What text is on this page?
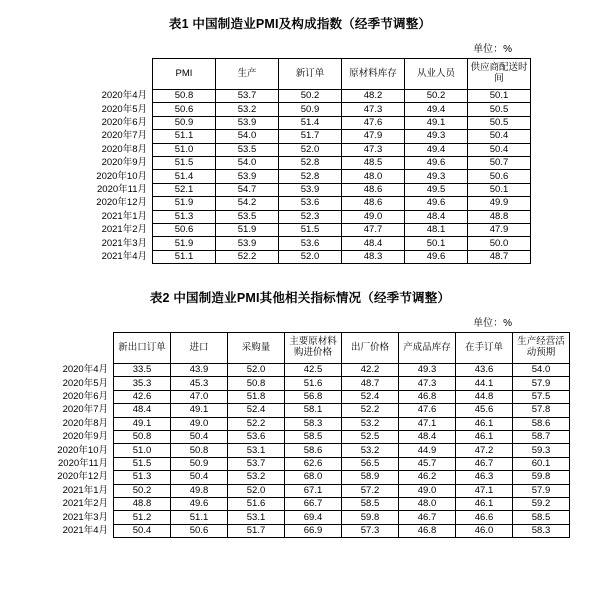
表1 中国制造业PMI及构成指数（经季节调整）
单位：%
	PMI	生产	新订单	原材料库存	从业人员	供应商配送时间
2020年4月	50.8	53.7	50.2	48.2	50.2	50.1
2020年5月	50.6	53.2	50.9	47.3	49.4	50.5
2020年6月	50.9	53.9	51.4	47.6	49.1	50.5
2020年7月	51.1	54.0	51.7	47.9	49.3	50.4
2020年8月	51.0	53.5	52.0	47.3	49.4	50.4
2020年9月	51.5	54.0	52.8	48.5	49.6	50.7
2020年10月	51.4	53.9	52.8	48.0	49.3	50.6
2020年11月	52.1	54.7	53.9	48.6	49.5	50.1
2020年12月	51.9	54.2	53.6	48.6	49.6	49.9
2021年1月	51.3	53.5	52.3	49.0	48.4	48.8
2021年2月	50.6	51.9	51.5	47.7	48.1	47.9
2021年3月	51.9	53.9	53.6	48.4	50.1	50.0
2021年4月	51.1	52.2	52.0	48.3	49.6	48.7
表2 中国制造业PMI其他相关指标情况（经季节调整）
单位：%
	新出口订单	进口	采购量	主要原材料购进价格	出厂价格	产成品库存	在手订单	生产经营活动预期
2020年4月	33.5	43.9	52.0	42.5	42.2	49.3	43.6	54.0
2020年5月	35.3	45.3	50.8	51.6	48.7	47.3	44.1	57.9
2020年6月	42.6	47.0	51.8	56.8	52.4	46.8	44.8	57.5
2020年7月	48.4	49.1	52.4	58.1	52.2	47.6	45.6	57.8
2020年8月	49.1	49.0	52.2	58.3	53.2	47.1	46.1	58.6
2020年9月	50.8	50.4	53.6	58.5	52.5	48.4	46.1	58.7
2020年10月	51.0	50.8	53.1	58.6	53.2	44.9	47.2	59.3
2020年11月	51.5	50.9	53.7	62.6	56.5	45.7	46.7	60.1
2020年12月	51.3	50.4	53.2	68.0	58.9	46.2	46.3	59.8
2021年1月	50.2	49.8	52.0	67.1	57.2	49.0	47.1	57.9
2021年2月	48.8	49.6	51.6	66.7	58.5	48.0	46.1	59.2
2021年3月	51.2	51.1	53.1	69.4	59.8	46.7	46.6	58.5
2021年4月	50.4	50.6	51.7	66.9	57.3	46.8	46.0	58.3
